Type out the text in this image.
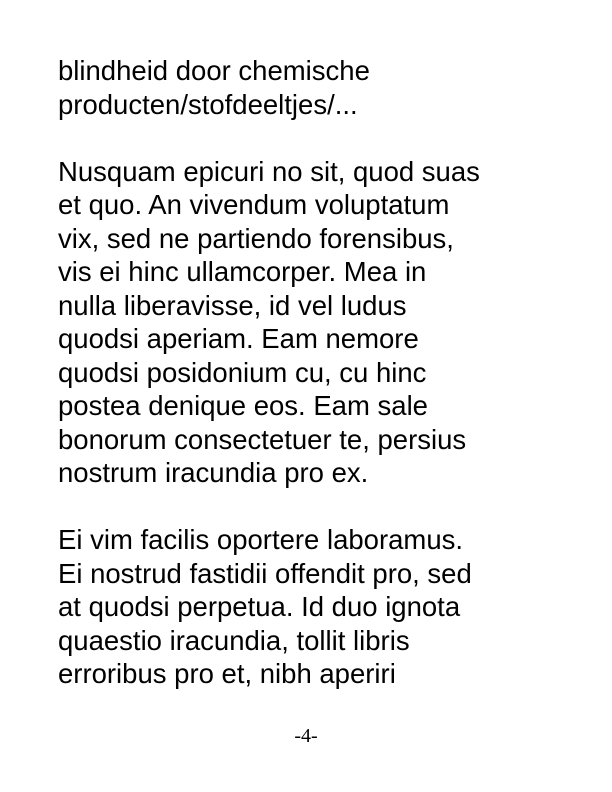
blindheid door chemische
producten/stofdeeltjes/...

Nusquam epicuri no sit, quod suas
et quo. An vivendum voluptatum
vix, sed ne partiendo forensibus,
vis ei hinc ullamcorper. Mea in
nulla liberavisse, id vel ludus
quodsi aperiam. Eam nemore
quodsi posidonium cu, cu hinc
postea denique eos. Eam sale
bonorum consectetuer te, persius
nostrum iracundia pro ex.

Ei vim facilis oportere laboramus.
Ei nostrud fastidii offendit pro, sed
at quodsi perpetua. Id duo ignota
quaestio iracundia, tollit libris
erroribus pro et, nibh aperiri

-4-
